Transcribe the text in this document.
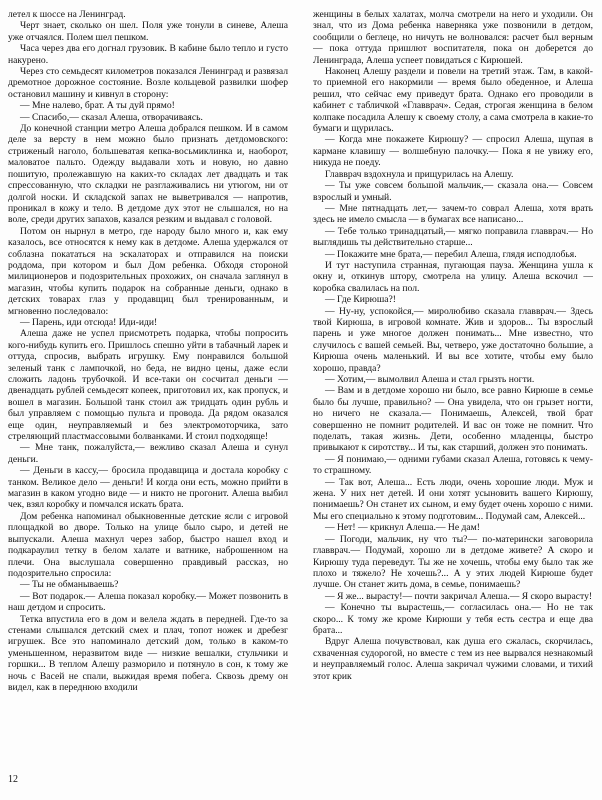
летел к шоссе на Ленинград.

Черт знает, сколько он шел. Поля уже тонули в синеве, Алеша уже отчаялся. Полем шел пешком.

Часа через два его догнал грузовик. В кабине было тепло и густо накурено.

Через сто семьдесят километров показался Ленинград и развязал дремотное дорожное состояние. Возле кольцевой развилки шофер остановил машину и кивнул в сторону:

— Мне налево, брат. А ты дуй прямо!

— Спасибо,— сказал Алеша, отворачиваясь.

До конечной станции метро Алеша добрался пешком. И в самом деле за версту в нем можно было признать детдомовского: стриженый наголо, большеватая кепка-восьмиклинка и, наоборот, маловатое пальто. Одежду выдавали хоть и новую, но давно пошитую, пролежавшую на каких-то складах лет двадцать и так спрессованную, что складки не разглаживались ни утюгом, ни от долгой носки. И складской запах не выветривался — напротив, проникал в кожу и тело. В детдоме дух этот не слышался, но на воле, среди других запахов, казался резким и выдавал с головой.

Потом он нырнул в метро, где народу было много и, как ему казалось, все относятся к нему как в детдоме. Алеша удержался от соблазна покататься на эскалаторах и отправился на поиски роддома, при котором и был Дом ребенка. Обходя стороной милиционеров и подозрительных прохожих, он сначала заглянул в магазин, чтобы купить подарок на собранные деньги, однако в детских товарах глаз у продавщиц был тренированным, и мгновенно последовало:

— Парень, иди отсюда! Иди-иди!

Алеша даже не успел присмотреть подарка, чтобы попросить кого-нибудь купить его. Пришлось спешно уйти в табачный ларек и оттуда, спросив, выбрать игрушку. Ему понравился большой зеленый танк с лампочкой, но беда, не видно цены, даже если сложить ладонь трубочкой. И все-таки он сосчитал деньги — двенадцать рублей семьдесят копеек, приготовил их, как пропуск, и вошел в магазин. Большой танк стоил аж тридцать один рубль и был управляем с помощью пульта и провода. Да рядом оказался еще один, неуправляемый и без электромоторчика, зато стреляющий пластмассовыми болванками. И стоил подходяще!

— Мне танк, пожалуйста,— вежливо сказал Алеша и сунул деньги.

— Деньги в кассу,— бросила продавщица и достала коробку с танком. Великое дело — деньги! И когда они есть, можно прийти в магазин в каком угодно виде — и никто не прогонит. Алеша выбил чек, взял коробку и помчался искать брата.

Дом ребенка напоминал обыкновенные детские ясли с игровой площадкой во дворе. Только на улице было сыро, и детей не выпускали. Алеша махнул через забор, быстро нашел вход и подкараулил тетку в белом халате и ватнике, наброшенном на плечи. Она выслушала совершенно правдивый рассказ, но подозрительно спросила:

— Ты не обманываешь?

— Вот подарок.— Алеша показал коробку.— Может позвонить в наш детдом и спросить.

Тетка впустила его в дом и велела ждать в передней. Где-то за стенами слышался детский смех и плач, топот ножек и дребезг игрушек. Все это напоминало детский дом, только в каком-то уменьшенном, неразвитом виде — низкие вешалки, стульчики и горшки... В теплом Алешу разморило и потянуло в сон, к тому же ночь с Васей не спали, выжидая время побега. Сквозь дрему он видел, как в переднюю входили

женщины в белых халатах, молча смотрели на него и уходили. Он знал, что из Дома ребенка наверняка уже позвонили в детдом, сообщили о беглеце, но ничуть не волновался: расчет был верным — пока оттуда пришлют воспитателя, пока он доберется до Ленинграда, Алеша успеет повидаться с Кирюшей.

Наконец Алешу раздели и повели на третий этаж. Там, в какой-то приемной его накормили — время было обеденное, и Алеша решил, что сейчас ему приведут брата. Однако его проводили в кабинет с табличкой «Главврач». Седая, строгая женщина в белом колпаке посадила Алешу к своему столу, а сама смотрела в какие-то бумаги и щурилась.

— Когда мне покажете Кирюшу? — спросил Алеша, щупая в кармане клавишу — волшебную палочку.— Пока я не увижу его, никуда не поеду.

Главврач вздохнула и прищурилась на Алешу.

— Ты уже совсем большой мальчик,— сказала она.— Совсем взрослый и умный.

— Мне пятнадцать лет,— зачем-то соврал Алеша, хотя врать здесь не имело смысла — в бумагах все написано...

— Тебе только тринадцатый,— мягко поправила главврач.— Но выглядишь ты действительно старше...

— Покажите мне брата,— перебил Алеша, глядя исподлобья.

И тут наступила странная, пугающая пауза. Женщина ушла к окну и, откинув штору, смотрела на улицу. Алеша вскочил — коробка свалилась на пол.

— Где Кирюша?!

— Ну-ну, успокойся,— миролюбиво сказала главврач.— Здесь твой Кирюша, в игровой комнате. Жив и здоров... Ты взрослый парень и уже многое должен понимать... Мне известно, что случилось с вашей семьей. Вы, четверо, уже достаточно большие, а Кирюша очень маленький. И вы все хотите, чтобы ему было хорошо, правда?

— Хотим,— вымолвил Алеша и стал грызть ногти.

— Вам и в детдоме хорошо ни было, все равно Кирюше в семье было бы лучше, правильно? — Она увидела, что он грызет ногти, но ничего не сказала.— Понимаешь, Алексей, твой брат совершенно не помнит родителей. И вас он тоже не помнит. Что поделать, такая жизнь. Дети, особенно младенцы, быстро привыкают к сиротству... И ты, как старший, должен это понимать.

— Я понимаю,— одними губами сказал Алеша, готовясь к чему-то страшному.

— Так вот, Алеша... Есть люди, очень хорошие люди. Муж и жена. У них нет детей. И они хотят усыновить вашего Кирюшу, понимаешь? Он станет их сыном, и ему будет очень хорошо с ними. Мы его специально к этому подготовим... Подумай сам, Алексей...

— Нет! — крикнул Алеша.— Не дам!

— Погоди, мальчик, ну что ты?— по-матерински заговорила главврач.— Подумай, хорошо ли в детдоме живете? А скоро и Кирюшу туда переведут. Ты же не хочешь, чтобы ему было так же плохо и тяжело? Не хочешь?... А у этих людей Кирюше будет лучше. Он станет жить дома, в семье, понимаешь?

— Я же... вырасту!— почти закричал Алеша.— Я скоро вырасту!

— Конечно ты вырастешь,— согласилась она.— Но не так скоро... К тому же кроме Кирюши у тебя есть сестра и еще два брата...

Вдруг Алеша почувствовал, как душа его сжалась, скорчилась, схваченная судорогой, но вместе с тем из нее вырвался незнакомый и неуправляемый голос. Алеша закричал чужими словами, и тихий этот крик

12
